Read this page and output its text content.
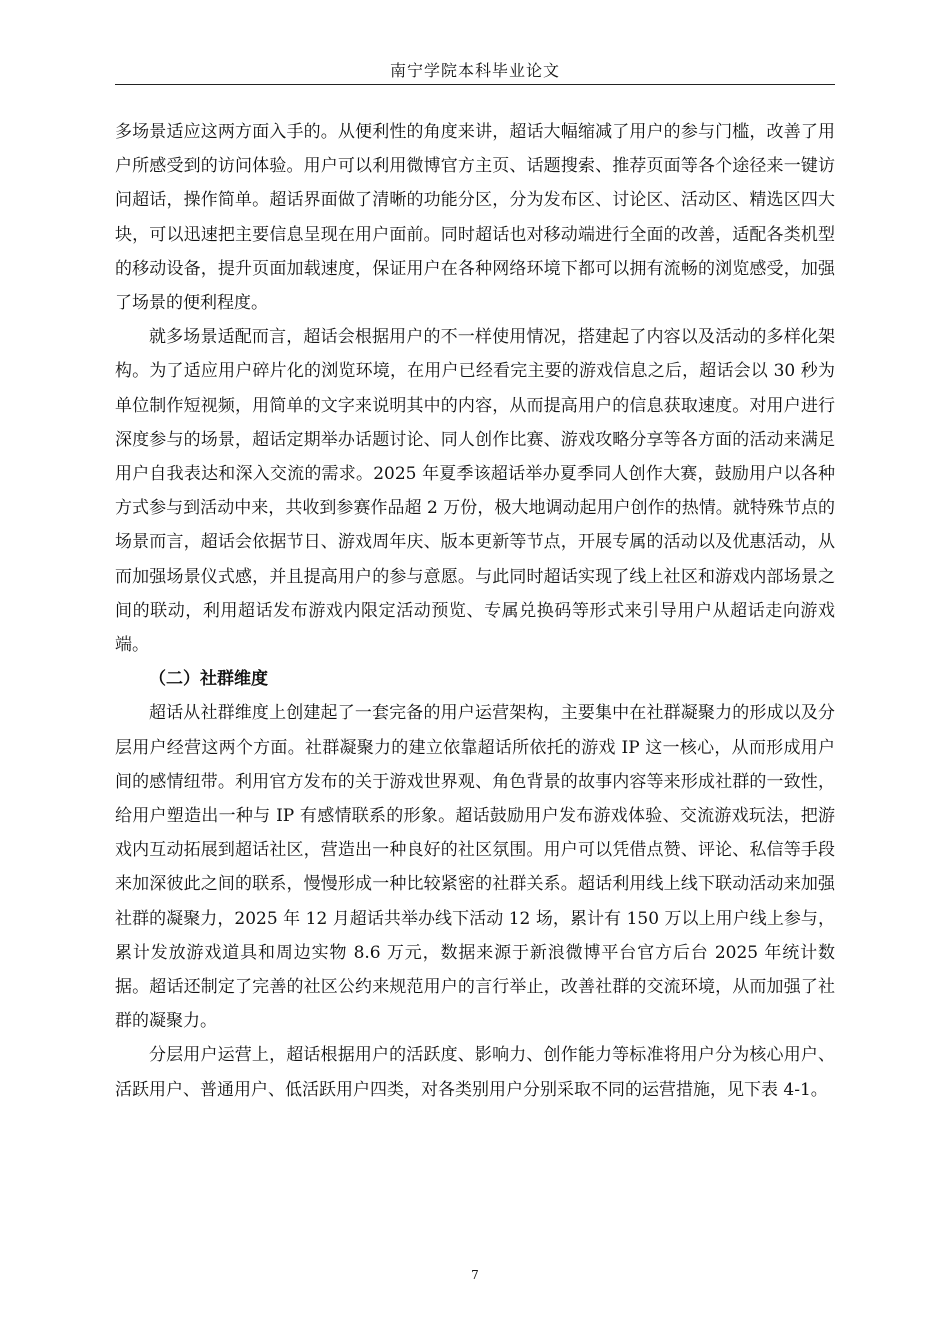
南宁学院本科毕业论文

多场景适应这两方面入手的。从便利性的角度来讲，超话大幅缩减了用户的参与门槛，改善了用户所感受到的访问体验。用户可以利用微博官方主页、话题搜索、推荐页面等各个途径来一键访问超话，操作简单。超话界面做了清晰的功能分区，分为发布区、讨论区、活动区、精选区四大块，可以迅速把主要信息呈现在用户面前。同时超话也对移动端进行全面的改善，适配各类机型的移动设备，提升页面加载速度，保证用户在各种网络环境下都可以拥有流畅的浏览感受，加强了场景的便利程度。

就多场景适配而言，超话会根据用户的不一样使用情况，搭建起了内容以及活动的多样化架构。为了适应用户碎片化的浏览环境，在用户已经看完主要的游戏信息之后，超话会以 30 秒为单位制作短视频，用简单的文字来说明其中的内容，从而提高用户的信息获取速度。对用户进行深度参与的场景，超话定期举办话题讨论、同人创作比赛、游戏攻略分享等各方面的活动来满足用户自我表达和深入交流的需求。2025 年夏季该超话举办夏季同人创作大赛，鼓励用户以各种方式参与到活动中来，共收到参赛作品超 2 万份，极大地调动起用户创作的热情。就特殊节点的场景而言，超话会依据节日、游戏周年庆、版本更新等节点，开展专属的活动以及优惠活动，从而加强场景仪式感，并且提高用户的参与意愿。与此同时超话实现了线上社区和游戏内部场景之间的联动，利用超话发布游戏内限定活动预览、专属兑换码等形式来引导用户从超话走向游戏端。

（二）社群维度

超话从社群维度上创建起了一套完备的用户运营架构，主要集中在社群凝聚力的形成以及分层用户经营这两个方面。社群凝聚力的建立依靠超话所依托的游戏 IP 这一核心，从而形成用户间的感情纽带。利用官方发布的关于游戏世界观、角色背景的故事内容等来形成社群的一致性，给用户塑造出一种与 IP 有感情联系的形象。超话鼓励用户发布游戏体验、交流游戏玩法，把游戏内互动拓展到超话社区，营造出一种良好的社区氛围。用户可以凭借点赞、评论、私信等手段来加深彼此之间的联系，慢慢形成一种比较紧密的社群关系。超话利用线上线下联动活动来加强社群的凝聚力，2025 年 12 月超话共举办线下活动 12 场，累计有 150 万以上用户线上参与，累计发放游戏道具和周边实物 8.6 万元，数据来源于新浪微博平台官方后台 2025 年统计数据。超话还制定了完善的社区公约来规范用户的言行举止，改善社群的交流环境，从而加强了社群的凝聚力。

分层用户运营上，超话根据用户的活跃度、影响力、创作能力等标准将用户分为核心用户、活跃用户、普通用户、低活跃用户四类，对各类别用户分别采取不同的运营措施，见下表 4-1。

7
